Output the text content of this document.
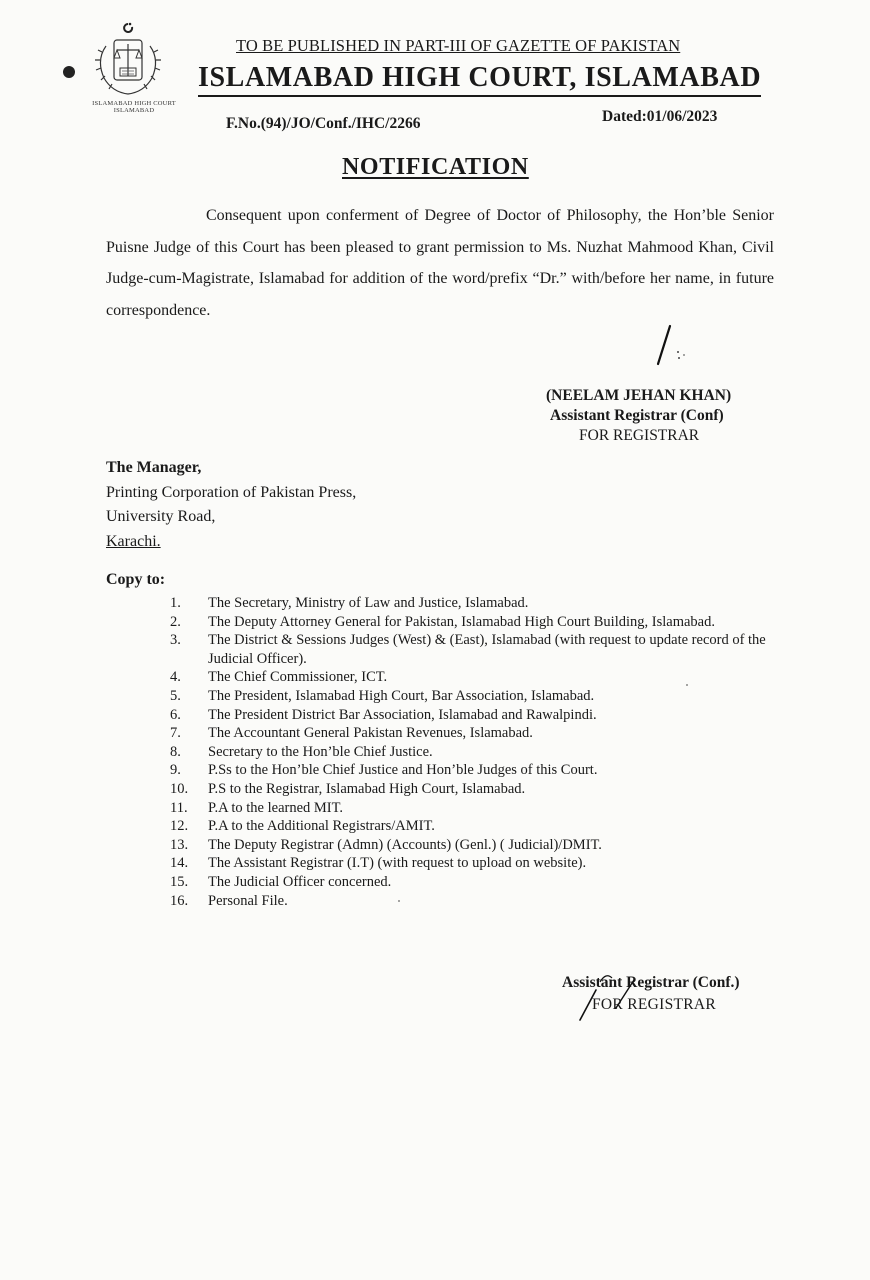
ISLAMABAD HIGH COURT
ISLAMABAD
TO BE PUBLISHED IN PART-III OF GAZETTE OF PAKISTAN
ISLAMABAD HIGH COURT, ISLAMABAD
F.No.(94)/JO/Conf./IHC/2266	Dated:01/06/2023
NOTIFICATION
Consequent upon conferment of Degree of Doctor of Philosophy, the Hon’ble Senior Puisne Judge of this Court has been pleased to grant permission to Ms. Nuzhat Mahmood Khan, Civil Judge-cum-Magistrate, Islamabad for addition of the word/prefix “Dr.” with/before her name, in future correspondence.
(NEELAM JEHAN KHAN)
Assistant Registrar (Conf)
FOR REGISTRAR
The Manager,
Printing Corporation of Pakistan Press,
University Road,
Karachi.
Copy to:
1.	The Secretary, Ministry of Law and Justice, Islamabad.
2.	The Deputy Attorney General for Pakistan, Islamabad High Court Building, Islamabad.
3.	The District & Sessions Judges (West) & (East), Islamabad (with request to update record of the Judicial Officer).
4.	The Chief Commissioner, ICT.
5.	The President, Islamabad High Court, Bar Association, Islamabad.
6.	The President District Bar Association, Islamabad and Rawalpindi.
7.	The Accountant General Pakistan Revenues, Islamabad.
8.	Secretary to the Hon’ble Chief Justice.
9.	P.Ss to the Hon’ble Chief Justice and Hon’ble Judges of this Court.
10.	P.S to the Registrar, Islamabad High Court, Islamabad.
11.	P.A to the learned MIT.
12.	P.A to the Additional Registrars/AMIT.
13.	The Deputy Registrar (Admn) (Accounts) (Genl.) ( Judicial)/DMIT.
14.	The Assistant Registrar (I.T) (with request to upload on website).
15.	The Judicial Officer concerned.
16.	Personal File.
Assistant Registrar (Conf.)
FOR REGISTRAR
